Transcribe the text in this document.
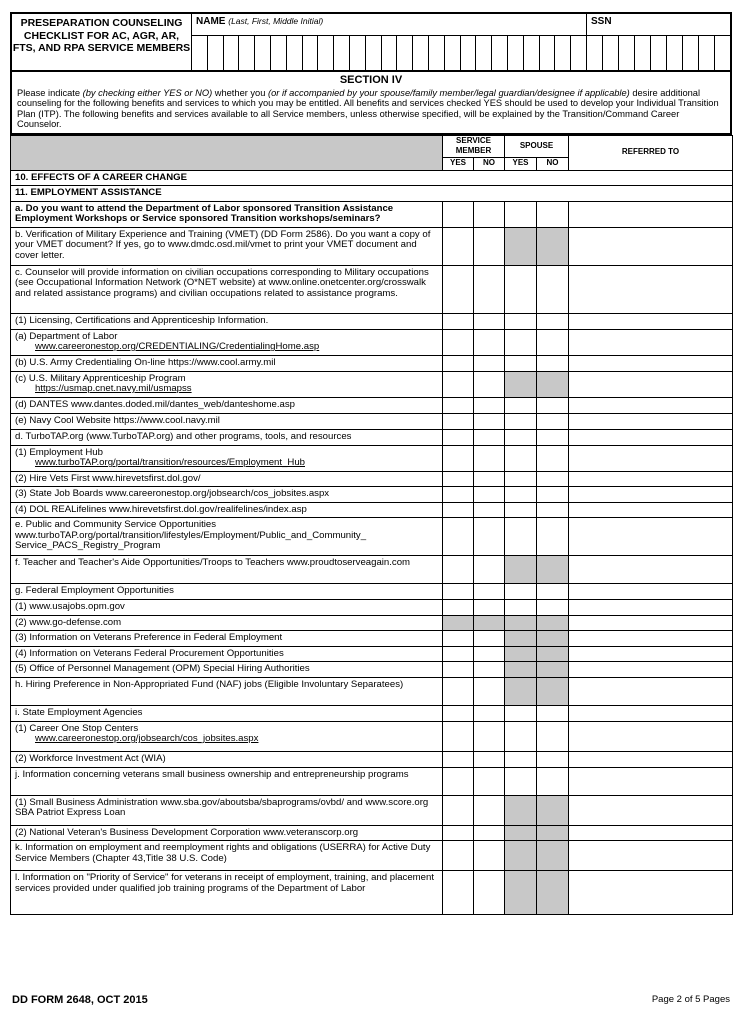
PRESEPARATION COUNSELING CHECKLIST FOR AC, AGR, AR, FTS, AND RPA SERVICE MEMBERS
NAME (Last, First, Middle Initial)	SSN
SECTION IV
Please indicate (by checking either YES or NO) whether you (or if accompanied by your spouse/family member/legal guardian/designee if applicable) desire additional counseling for the following benefits and services to which you may be entitled. All benefits and services checked YES should be used to develop your Individual Transition Plan (ITP). The following benefits and services available to all Service members, unless otherwise specified, will be explained by the Transition/Command Career Counselor.
	SERVICE MEMBER		SPOUSE		REFERRED TO
	YES	NO	YES	NO	
10. EFFECTS OF A CAREER CHANGE					
11. EMPLOYMENT ASSISTANCE					

a. Do you want to attend the Department of Labor sponsored Transition Assistance Employment Workshops or Service sponsored Transition workshops/seminars?					

b. Verification of Military Experience and Training (VMET) (DD Form 2586). Do you want a copy of your VMET document? If yes, go to www.dmdc.osd.mil/vmet to print your VMET document and cover letter.					

c. Counselor will provide information on civilian occupations corresponding to Military occupations (see Occupational Information Network (O*NET website) at www.online.onetcenter.org/crosswalk and related assistance programs) and civilian occupations related to assistance programs.					

(1) Licensing, Certifications and Apprenticeship Information.					

(a) Department of Labor
www.careeronestop.org/CREDENTIALING/CredentialingHome.asp					

(b) U.S. Army Credentialing On-line https://www.cool.army.mil					

(c) U.S. Military Apprenticeship Program
https://usmap.cnet.navy.mil/usmapss					

(d) DANTES www.dantes.doded.mil/dantes_web/danteshome.asp					

(e) Navy Cool Website https://www.cool.navy.mil					

d. TurboTAP.org (www.TurboTAP.org) and other programs, tools, and resources					

(1) Employment Hub
www.turboTAP.org/portal/transition/resources/Employment_Hub					

(2) Hire Vets First www.hirevetsfirst.dol.gov/					

(3) State Job Boards www.careeronestop.org/jobsearch/cos_jobsites.aspx					

(4) DOL REALifelines www.hirevetsfirst.dol.gov/realifelines/index.asp					

e. Public and Community Service Opportunities www.turboTAP.org/portal/transition/lifestyles/Employment/Public_and_Community_ Service_PACS_Registry_Program					

f. Teacher and Teacher's Aide Opportunities/Troops to Teachers www.proudtoserveagain.com					

g. Federal Employment Opportunities					

(1) www.usajobs.opm.gov					

(2) www.go-defense.com					

(3) Information on Veterans Preference in Federal Employment					

(4) Information on Veterans Federal Procurement Opportunities					

(5) Office of Personnel Management (OPM) Special Hiring Authorities					

h. Hiring Preference in Non-Appropriated Fund (NAF) jobs (Eligible Involuntary Separatees)					

i. State Employment Agencies					

(1) Career One Stop Centers
www.careeronestop.org/jobsearch/cos_jobsites.aspx					

(2) Workforce Investment Act (WIA)					

j. Information concerning veterans small business ownership and entrepreneurship programs					

(1) Small Business Administration www.sba.gov/aboutsba/sbaprograms/ovbd/ and www.score.org SBA Patriot Express Loan					

(2) National Veteran's Business Development Corporation www.veteranscorp.org					

k. Information on employment and reemployment rights and obligations (USERRA) for Active Duty Service Members (Chapter 43,Title 38 U.S. Code)					

l. Information on "Priority of Service" for veterans in receipt of employment, training, and placement services provided under qualified job training programs of the Department of Labor					

DD FORM 2648, OCT 2015	Page 2 of 5 Pages
